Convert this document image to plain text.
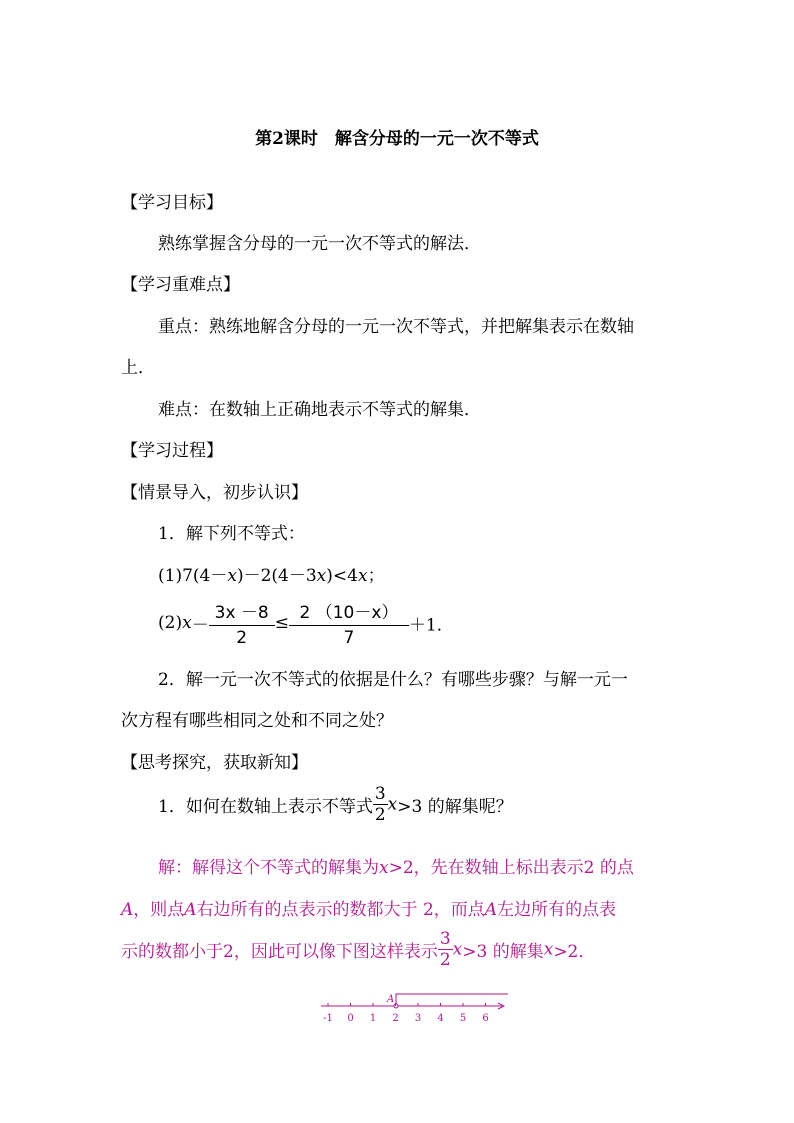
第2课时　解含分母的一元一次不等式
【学习目标】
熟练掌握含分母的一元一次不等式的解法．
【学习重难点】
重点：熟练地解含分母的一元一次不等式，并把解集表示在数轴
上．
难点：在数轴上正确地表示不等式的解集．
【学习过程】
【情景导入，初步认识】
1．解下列不等式：
(1)7(4－x)－2(4－3x)<4x；
$(2)x- \frac{3x -8}{2} \le \frac{2 (10-x)}{7} +1$．
2．解一元一次不等式的依据是什么？有哪些步骤？与解一元一
次方程有哪些相同之处和不同之处？
【思考探究，获取新知】
1．如何在数轴上表示不等式 $\frac{3}{2} x>3$ 的解集呢？
解：解得这个不等式的解集为x>2，先在数轴上标出表示2 的点
A，则点A右边所有的点表示的数都大于 2，而点A左边所有的点表
示的数都小于2，因此可以像下图这样表示 $\frac{3}{2} x>3$ 的解集x>2．
A
-1 0 1 2 3 4 5 6
